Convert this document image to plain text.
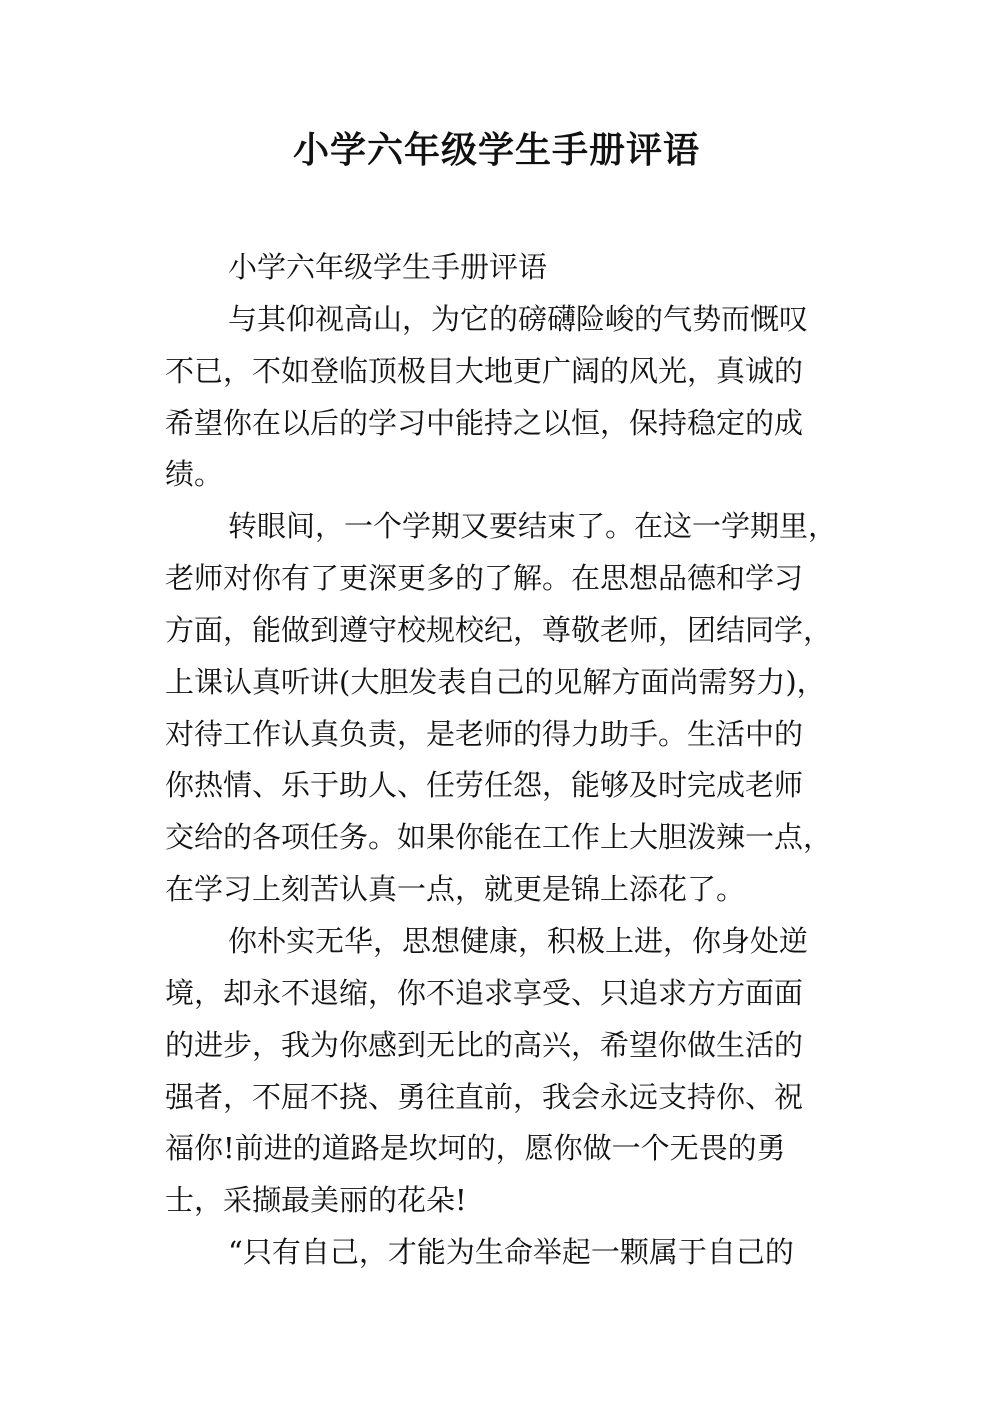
小学六年级学生手册评语
小学六年级学生手册评语
与其仰视高山，为它的磅礴险峻的气势而慨叹
不已，不如登临顶极目大地更广阔的风光，真诚的
希望你在以后的学习中能持之以恒，保持稳定的成
绩。
转眼间，一个学期又要结束了。在这一学期里，
老师对你有了更深更多的了解。在思想品德和学习
方面，能做到遵守校规校纪，尊敬老师，团结同学，
上课认真听讲(大胆发表自己的见解方面尚需努力)，
对待工作认真负责，是老师的得力助手。生活中的
你热情、乐于助人、任劳任怨，能够及时完成老师
交给的各项任务。如果你能在工作上大胆泼辣一点，
在学习上刻苦认真一点，就更是锦上添花了。
你朴实无华，思想健康，积极上进，你身处逆
境，却永不退缩，你不追求享受、只追求方方面面
的进步，我为你感到无比的高兴，希望你做生活的
强者，不屈不挠、勇往直前，我会永远支持你、祝
福你!前进的道路是坎坷的，愿你做一个无畏的勇
士，采撷最美丽的花朵!
“只有自己，才能为生命举起一颗属于自己的
